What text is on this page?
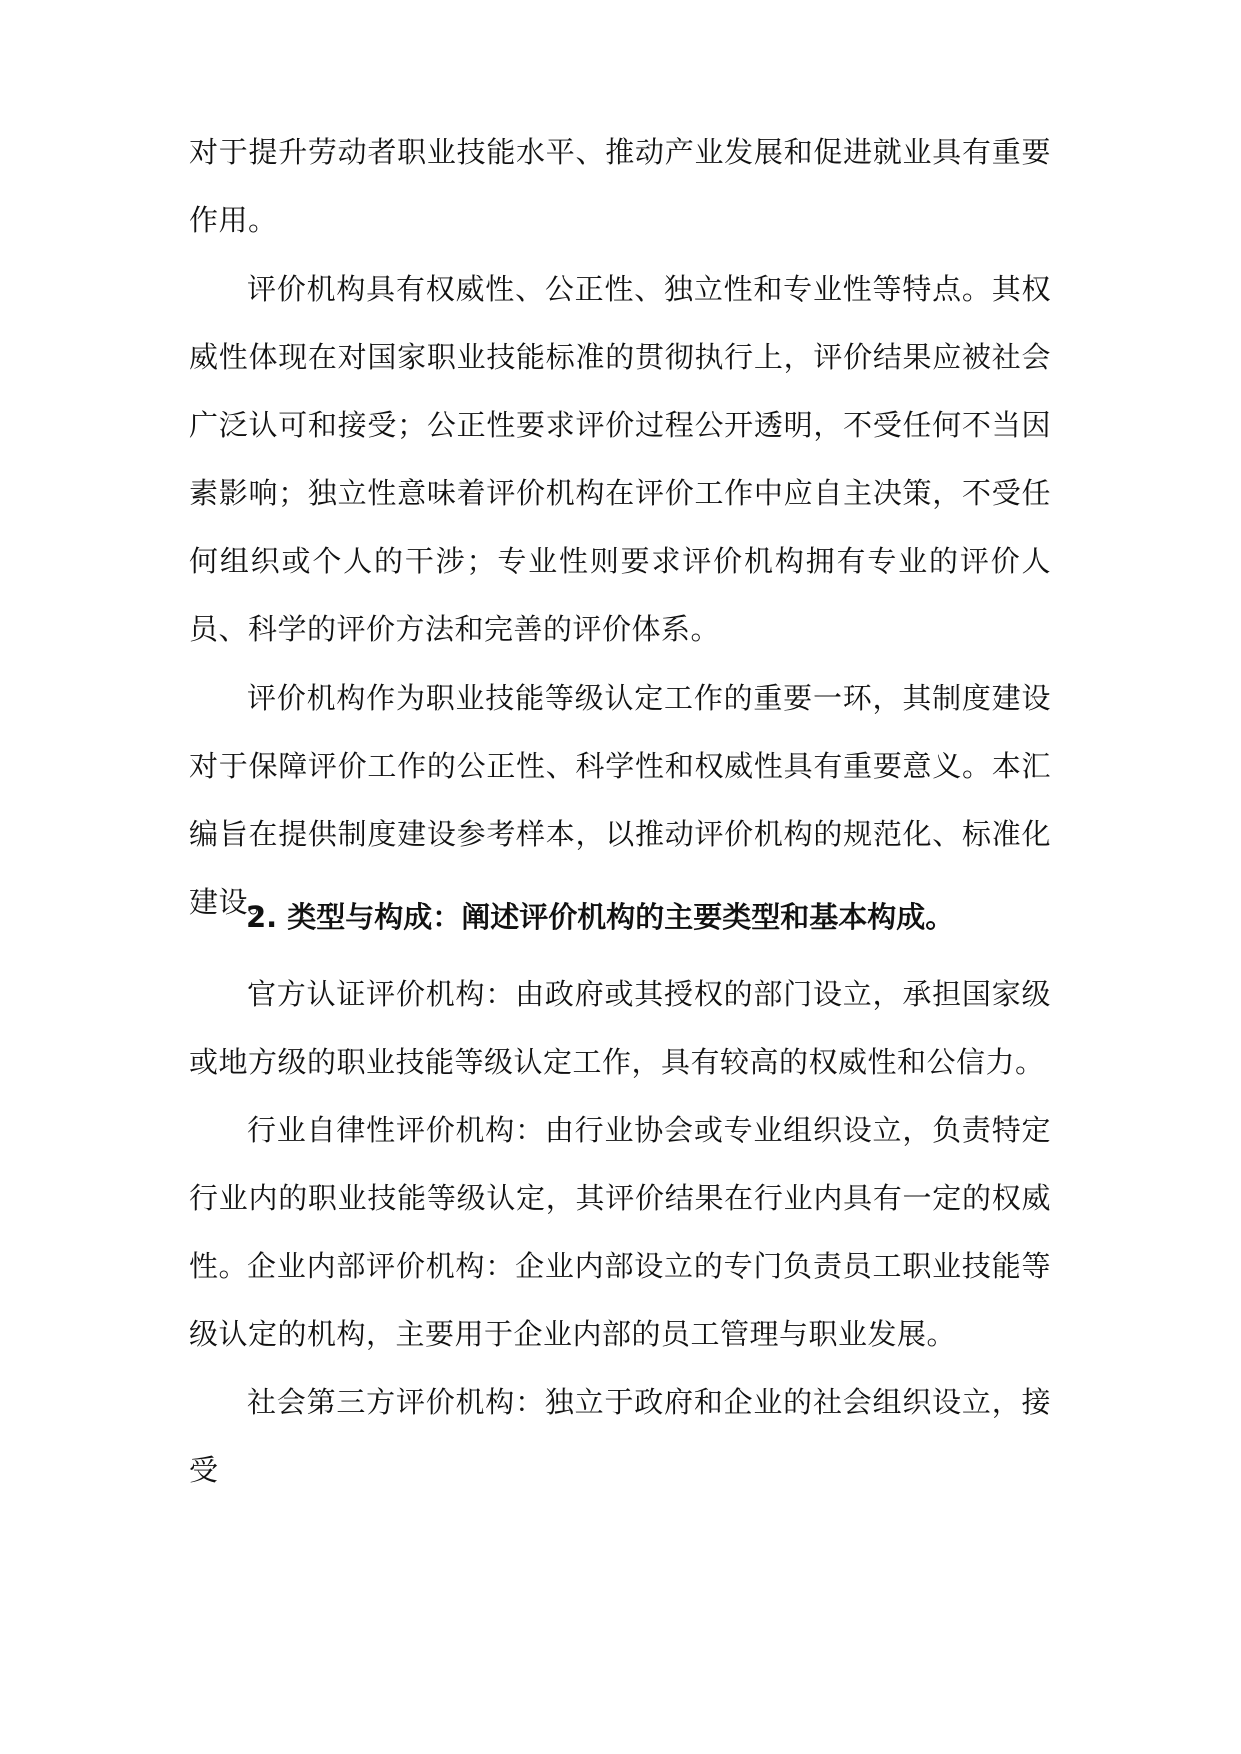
对于提升劳动者职业技能水平、推动产业发展和促进就业具有重要作用。

评价机构具有权威性、公正性、独立性和专业性等特点。其权威性体现在对国家职业技能标准的贯彻执行上，评价结果应被社会广泛认可和接受；公正性要求评价过程公开透明，不受任何不当因素影响；独立性意味着评价机构在评价工作中应自主决策，不受任何组织或个人的干涉；专业性则要求评价机构拥有专业的评价人员、科学的评价方法和完善的评价体系。

评价机构作为职业技能等级认定工作的重要一环，其制度建设对于保障评价工作的公正性、科学性和权威性具有重要意义。本汇编旨在提供制度建设参考样本，以推动评价机构的规范化、标准化建设。

2. 类型与构成：阐述评价机构的主要类型和基本构成。

官方认证评价机构：由政府或其授权的部门设立，承担国家级或地方级的职业技能等级认定工作，具有较高的权威性和公信力。

行业自律性评价机构：由行业协会或专业组织设立，负责特定行业内的职业技能等级认定，其评价结果在行业内具有一定的权威性。

企业内部评价机构：企业内部设立的专门负责员工职业技能等级认定的机构，主要用于企业内部的员工管理与职业发展。

社会第三方评价机构：独立于政府和企业的社会组织设立，接受
